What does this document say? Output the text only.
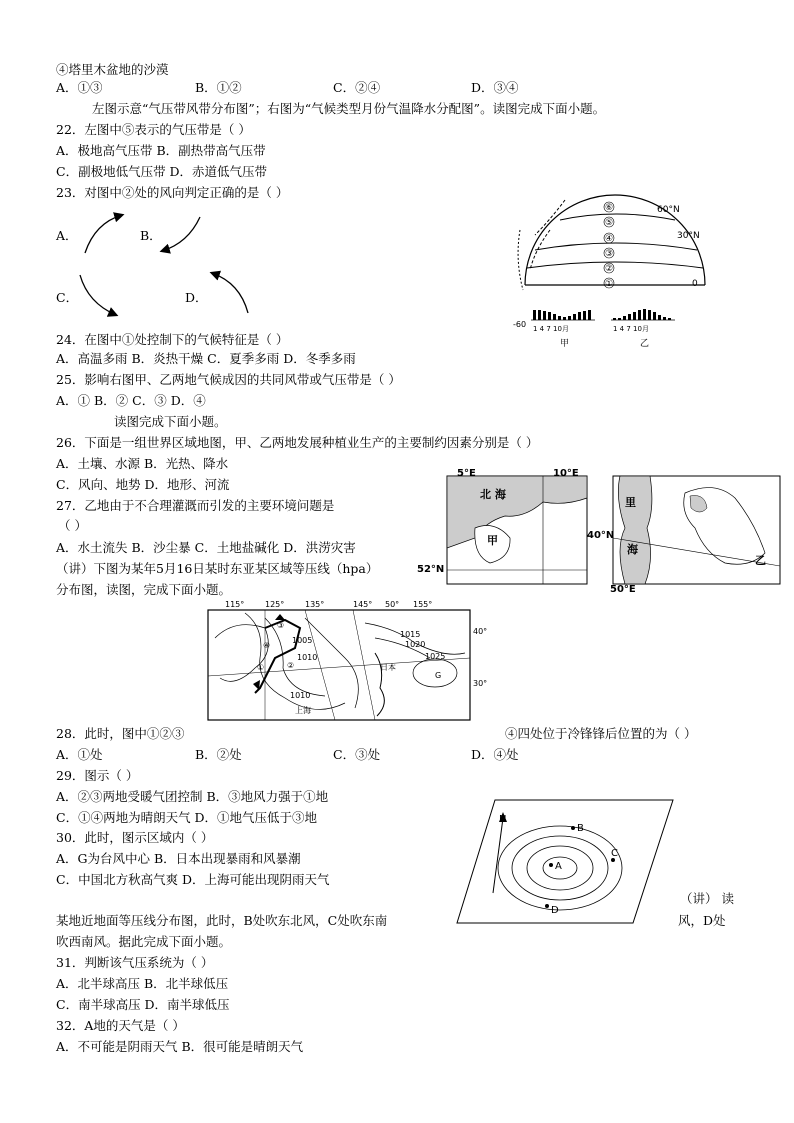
④塔里木盆地的沙漠
A．①③	B．①②	C．②④	D．③④
左图示意“气压带风带分布图”；右图为“气候类型月份气温降水分配图”。读图完成下面小题。
22．左图中⑤表示的气压带是（ ）
A．极地高气压带 B．副热带高气压带
C．副极地低气压带 D．赤道低气压带
23．对图中②处的风向判定正确的是（ ）
A．	B．
C．	D．
24．在图中①处控制下的气候特征是（ ）
A．高温多雨 B．炎热干燥 C．夏季多雨 D．冬季多雨
25．影响右图甲、乙两地气候成因的共同风带或气压带是（ ）
A．① B．② C．③ D．④
读图完成下面小题。
26．下面是一组世界区域地图，甲、乙两地发展种植业生产的主要制约因素分别是（ ）
A．土壤、水源 B．光热、降水
C．风向、地势 D．地形、河流
27．乙地由于不合理灌溉而引发的主要环境问题是
（ ）
A．水土流失 B．沙尘暴 C．土地盐碱化 D．洪涝灾害
（讲）下图为某年5月16日某时东亚某区域等压线（hpa）
分布图，读图，完成下面小题。
28．此时，图中①②③	④四处位于冷锋锋后位置的为（ ）
A．①处	B．②处	C．③处	D．④处
29．图示（ ）
A．②③两地受暖气团控制 B．③地风力强于①地
C．①④两地为晴朗天气 D．①地气压低于③地
30．此时，图示区域内（ ）
A．G为台风中心 B．日本出现暴雨和风暴潮
C．中国北方秋高气爽 D．上海可能出现阴雨天气
（讲） 读
某地近地面等压线分布图，此时，B处吹东北风，C处吹东南	风，D处
吹西南风。据此完成下面小题。
31．判断该气压系统为（ ）
A．北半球高压 B．北半球低压
C．南半球高压 D．南半球低压
32．A地的天气是（ ）
A．不可能是阴雨天气 B．很可能是晴朗天气
⑥
⑤
④
③
②
①
60°N
30°N
0
-60 1 4 7 10月	1 4 7 10月
甲	乙
5°E	10°E
北 海
甲
52°N
里
海
乙
40°N
50°E
115°	125°	135°	145° 50° 155°
40°
30°
1005
1010
1015
1020
1025
1010
G
日本
上海
①	②
③
④
N
A
B
C
D
